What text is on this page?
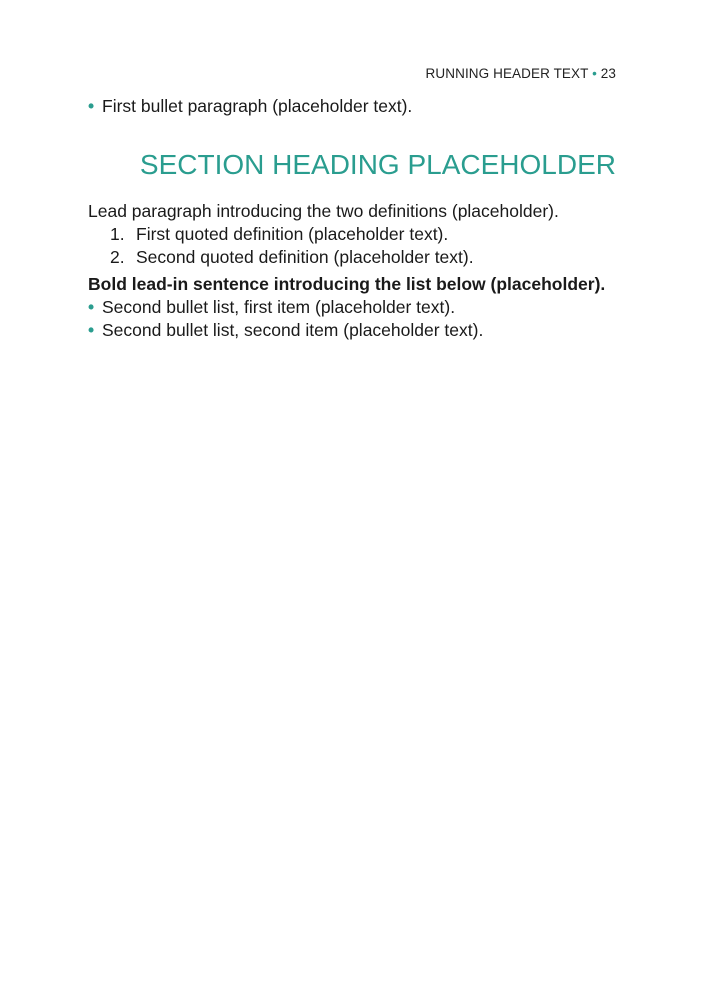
RUNNING HEADER TEXT • 23
• First bullet paragraph (placeholder text).
SECTION HEADING PLACEHOLDER

Lead paragraph introducing the two definitions (placeholder).

1. First quoted definition (placeholder text).
2. Second quoted definition (placeholder text).

Bold lead-in sentence introducing the list below (placeholder).

• Second bullet list, first item (placeholder text).
• Second bullet list, second item (placeholder text).
